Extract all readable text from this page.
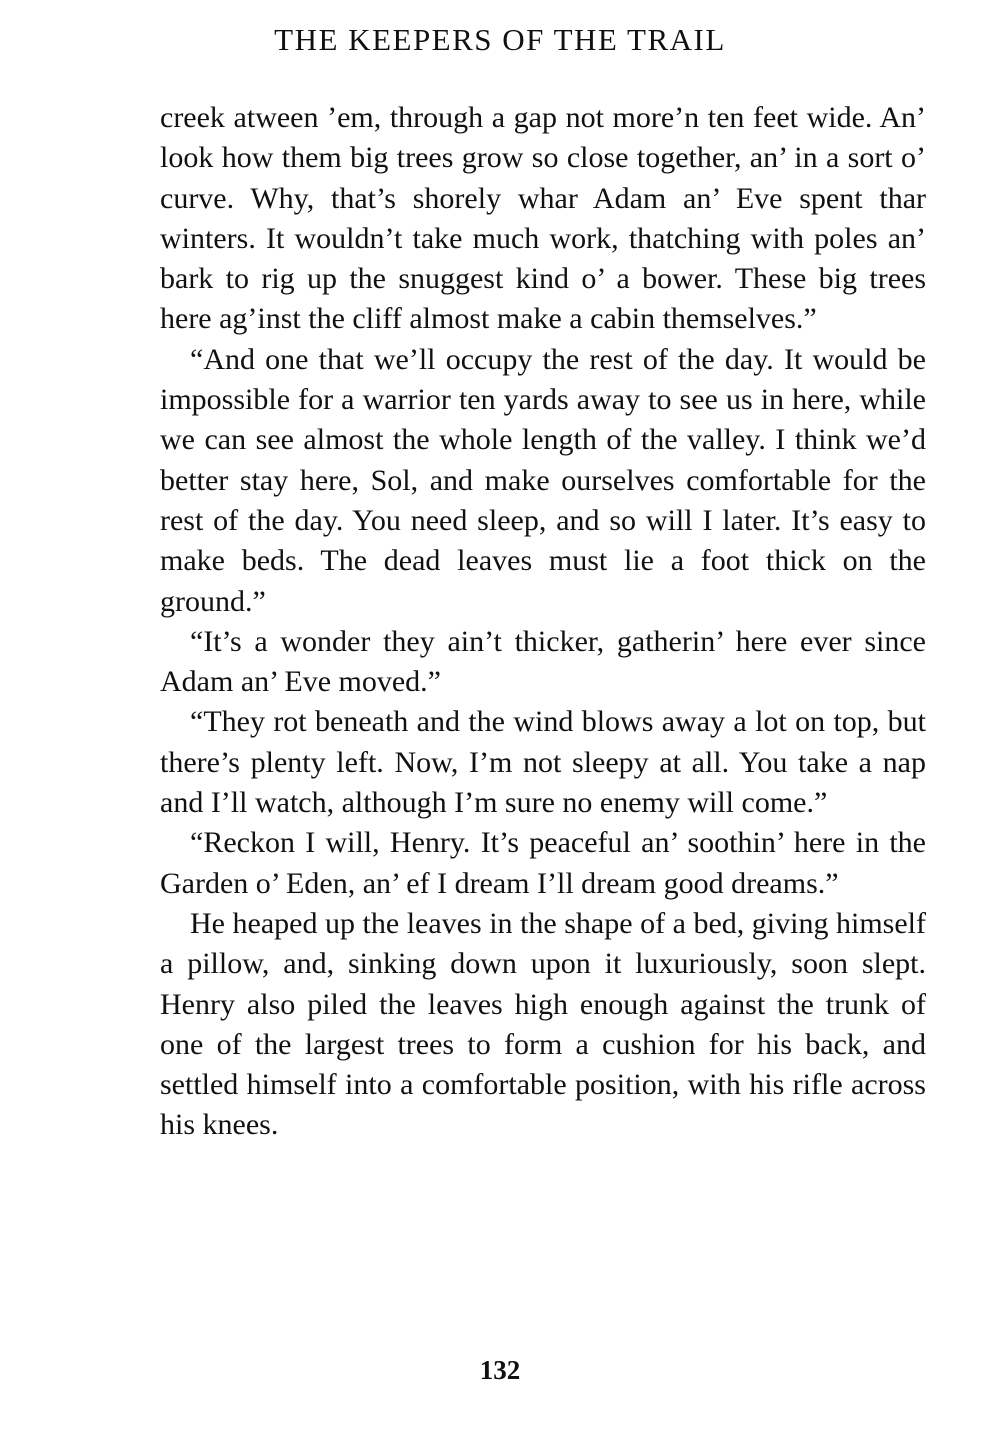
THE KEEPERS OF THE TRAIL

creek atween ’em, through a gap not more’n ten feet wide. An’ look how them big trees grow so close together, an’ in a sort o’ curve. Why, that’s shorely whar Adam an’ Eve spent thar winters. It wouldn’t take much work, thatching with poles an’ bark to rig up the snuggest kind o’ a bower. These big trees here ag’inst the cliff almost make a cabin themselves.”

“And one that we’ll occupy the rest of the day. It would be impossible for a warrior ten yards away to see us in here, while we can see almost the whole length of the valley. I think we’d better stay here, Sol, and make ourselves comfortable for the rest of the day. You need sleep, and so will I later. It’s easy to make beds. The dead leaves must lie a foot thick on the ground.”

“It’s a wonder they ain’t thicker, gatherin’ here ever since Adam an’ Eve moved.”

“They rot beneath and the wind blows away a lot on top, but there’s plenty left. Now, I’m not sleepy at all. You take a nap and I’ll watch, although I’m sure no enemy will come.”

“Reckon I will, Henry. It’s peaceful an’ soothin’ here in the Garden o’ Eden, an’ ef I dream I’ll dream good dreams.”

He heaped up the leaves in the shape of a bed, giving himself a pillow, and, sinking down upon it luxuriously, soon slept. Henry also piled the leaves high enough against the trunk of one of the largest trees to form a cushion for his back, and settled himself into a comfortable position, with his rifle across his knees.

132
